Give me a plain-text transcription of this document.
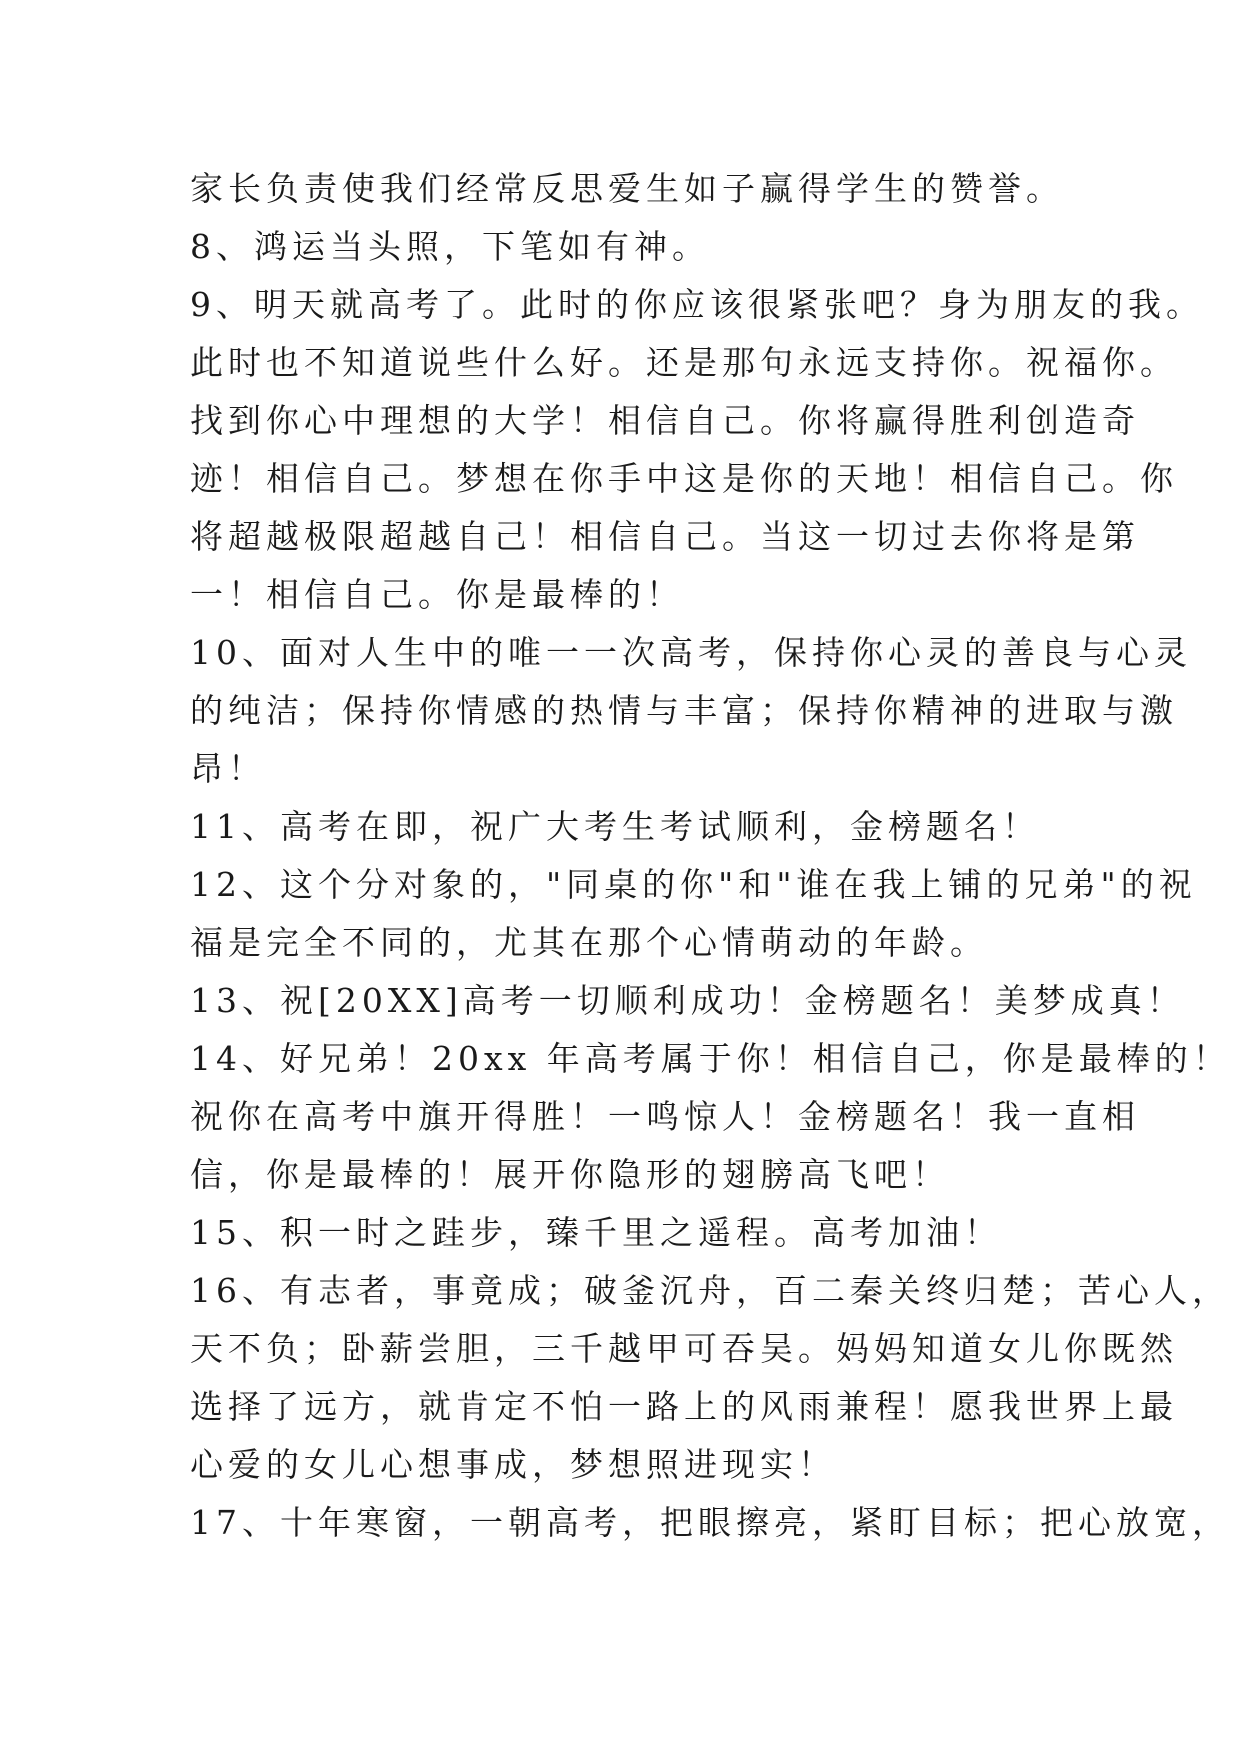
家长负责使我们经常反思爱生如子赢得学生的赞誉。
8、鸿运当头照，下笔如有神。
9、明天就高考了。此时的你应该很紧张吧？身为朋友的我。
此时也不知道说些什么好。还是那句永远支持你。祝福你。
找到你心中理想的大学！相信自己。你将赢得胜利创造奇
迹！相信自己。梦想在你手中这是你的天地！相信自己。你
将超越极限超越自己！相信自己。当这一切过去你将是第
一！相信自己。你是最棒的！
10、面对人生中的唯一一次高考，保持你心灵的善良与心灵
的纯洁；保持你情感的热情与丰富；保持你精神的进取与激
昂！
11、高考在即，祝广大考生考试顺利，金榜题名！
12、这个分对象的，"同桌的你"和"谁在我上铺的兄弟"的祝
福是完全不同的，尤其在那个心情萌动的年龄。
13、祝[20XX]高考一切顺利成功！金榜题名！美梦成真！
14、好兄弟！20xx 年高考属于你！相信自己，你是最棒的！
祝你在高考中旗开得胜！一鸣惊人！金榜题名！我一直相
信，你是最棒的！展开你隐形的翅膀高飞吧！
15、积一时之跬步，臻千里之遥程。高考加油！
16、有志者，事竟成；破釜沉舟，百二秦关终归楚；苦心人，
天不负；卧薪尝胆，三千越甲可吞吴。妈妈知道女儿你既然
选择了远方，就肯定不怕一路上的风雨兼程！愿我世界上最
心爱的女儿心想事成，梦想照进现实！
17、十年寒窗，一朝高考，把眼擦亮，紧盯目标；把心放宽，
